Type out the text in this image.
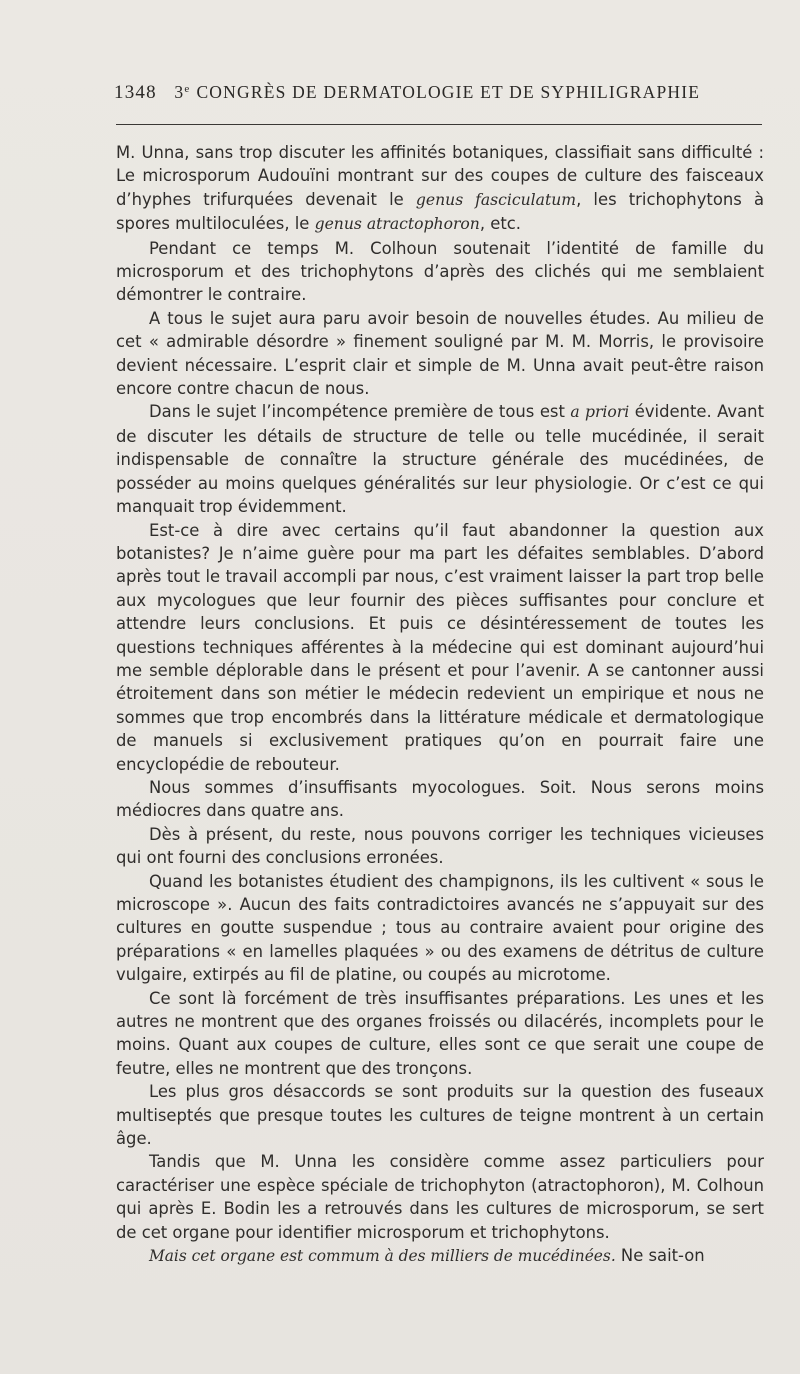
1348 3e CONGRÈS DE DERMATOLOGIE ET DE SYPHILIGRAPHIE

M. Unna, sans trop discuter les affinités botaniques, classifiait sans difficulté : Le microsporum Audouïni montrant sur des coupes de culture des faisceaux d’hyphes trifurquées devenait le genus fasciculatum, les trichophytons à spores multiloculées, le genus atractophoron, etc.

Pendant ce temps M. Colhoun soutenait l’identité de famille du microsporum et des trichophytons d’après des clichés qui me semblaient démontrer le contraire.

A tous le sujet aura paru avoir besoin de nouvelles études. Au milieu de cet « admirable désordre » finement souligné par M. M. Morris, le provisoire devient nécessaire. L’esprit clair et simple de M. Unna avait peut-être raison encore contre chacun de nous.

Dans le sujet l’incompétence première de tous est a priori évidente. Avant de discuter les détails de structure de telle ou telle mucédinée, il serait indispensable de connaître la structure générale des mucédinées, de posséder au moins quelques généralités sur leur physiologie. Or c’est ce qui manquait trop évidemment.

Est-ce à dire avec certains qu’il faut abandonner la question aux botanistes? Je n’aime guère pour ma part les défaites semblables. D’abord après tout le travail accompli par nous, c’est vraiment laisser la part trop belle aux mycologues que leur fournir des pièces suffisantes pour conclure et attendre leurs conclusions. Et puis ce désintéressement de toutes les questions techniques afférentes à la médecine qui est dominant aujourd’hui me semble déplorable dans le présent et pour l’avenir. A se cantonner aussi étroitement dans son métier le médecin redevient un empirique et nous ne sommes que trop encombrés dans la littérature médicale et dermatologique de manuels si exclusivement pratiques qu’on en pourrait faire une encyclopédie de rebouteur.

Nous sommes d’insuffisants myocologues. Soit. Nous serons moins médiocres dans quatre ans.

Dès à présent, du reste, nous pouvons corriger les techniques vicieuses qui ont fourni des conclusions erronées.

Quand les botanistes étudient des champignons, ils les cultivent « sous le microscope ». Aucun des faits contradictoires avancés ne s’appuyait sur des cultures en goutte suspendue ; tous au contraire avaient pour origine des préparations « en lamelles plaquées » ou des examens de détritus de culture vulgaire, extirpés au fil de platine, ou coupés au microtome.

Ce sont là forcément de très insuffisantes préparations. Les unes et les autres ne montrent que des organes froissés ou dilacérés, incomplets pour le moins. Quant aux coupes de culture, elles sont ce que serait une coupe de feutre, elles ne montrent que des tronçons.

Les plus gros désaccords se sont produits sur la question des fuseaux multiseptés que presque toutes les cultures de teigne montrent à un certain âge.

Tandis que M. Unna les considère comme assez particuliers pour caractériser une espèce spéciale de trichophyton (atractophoron), M. Colhoun qui après E. Bodin les a retrouvés dans les cultures de microsporum, se sert de cet organe pour identifier microsporum et trichophytons.

Mais cet organe est commum à des milliers de mucédinées. Ne sait-on
